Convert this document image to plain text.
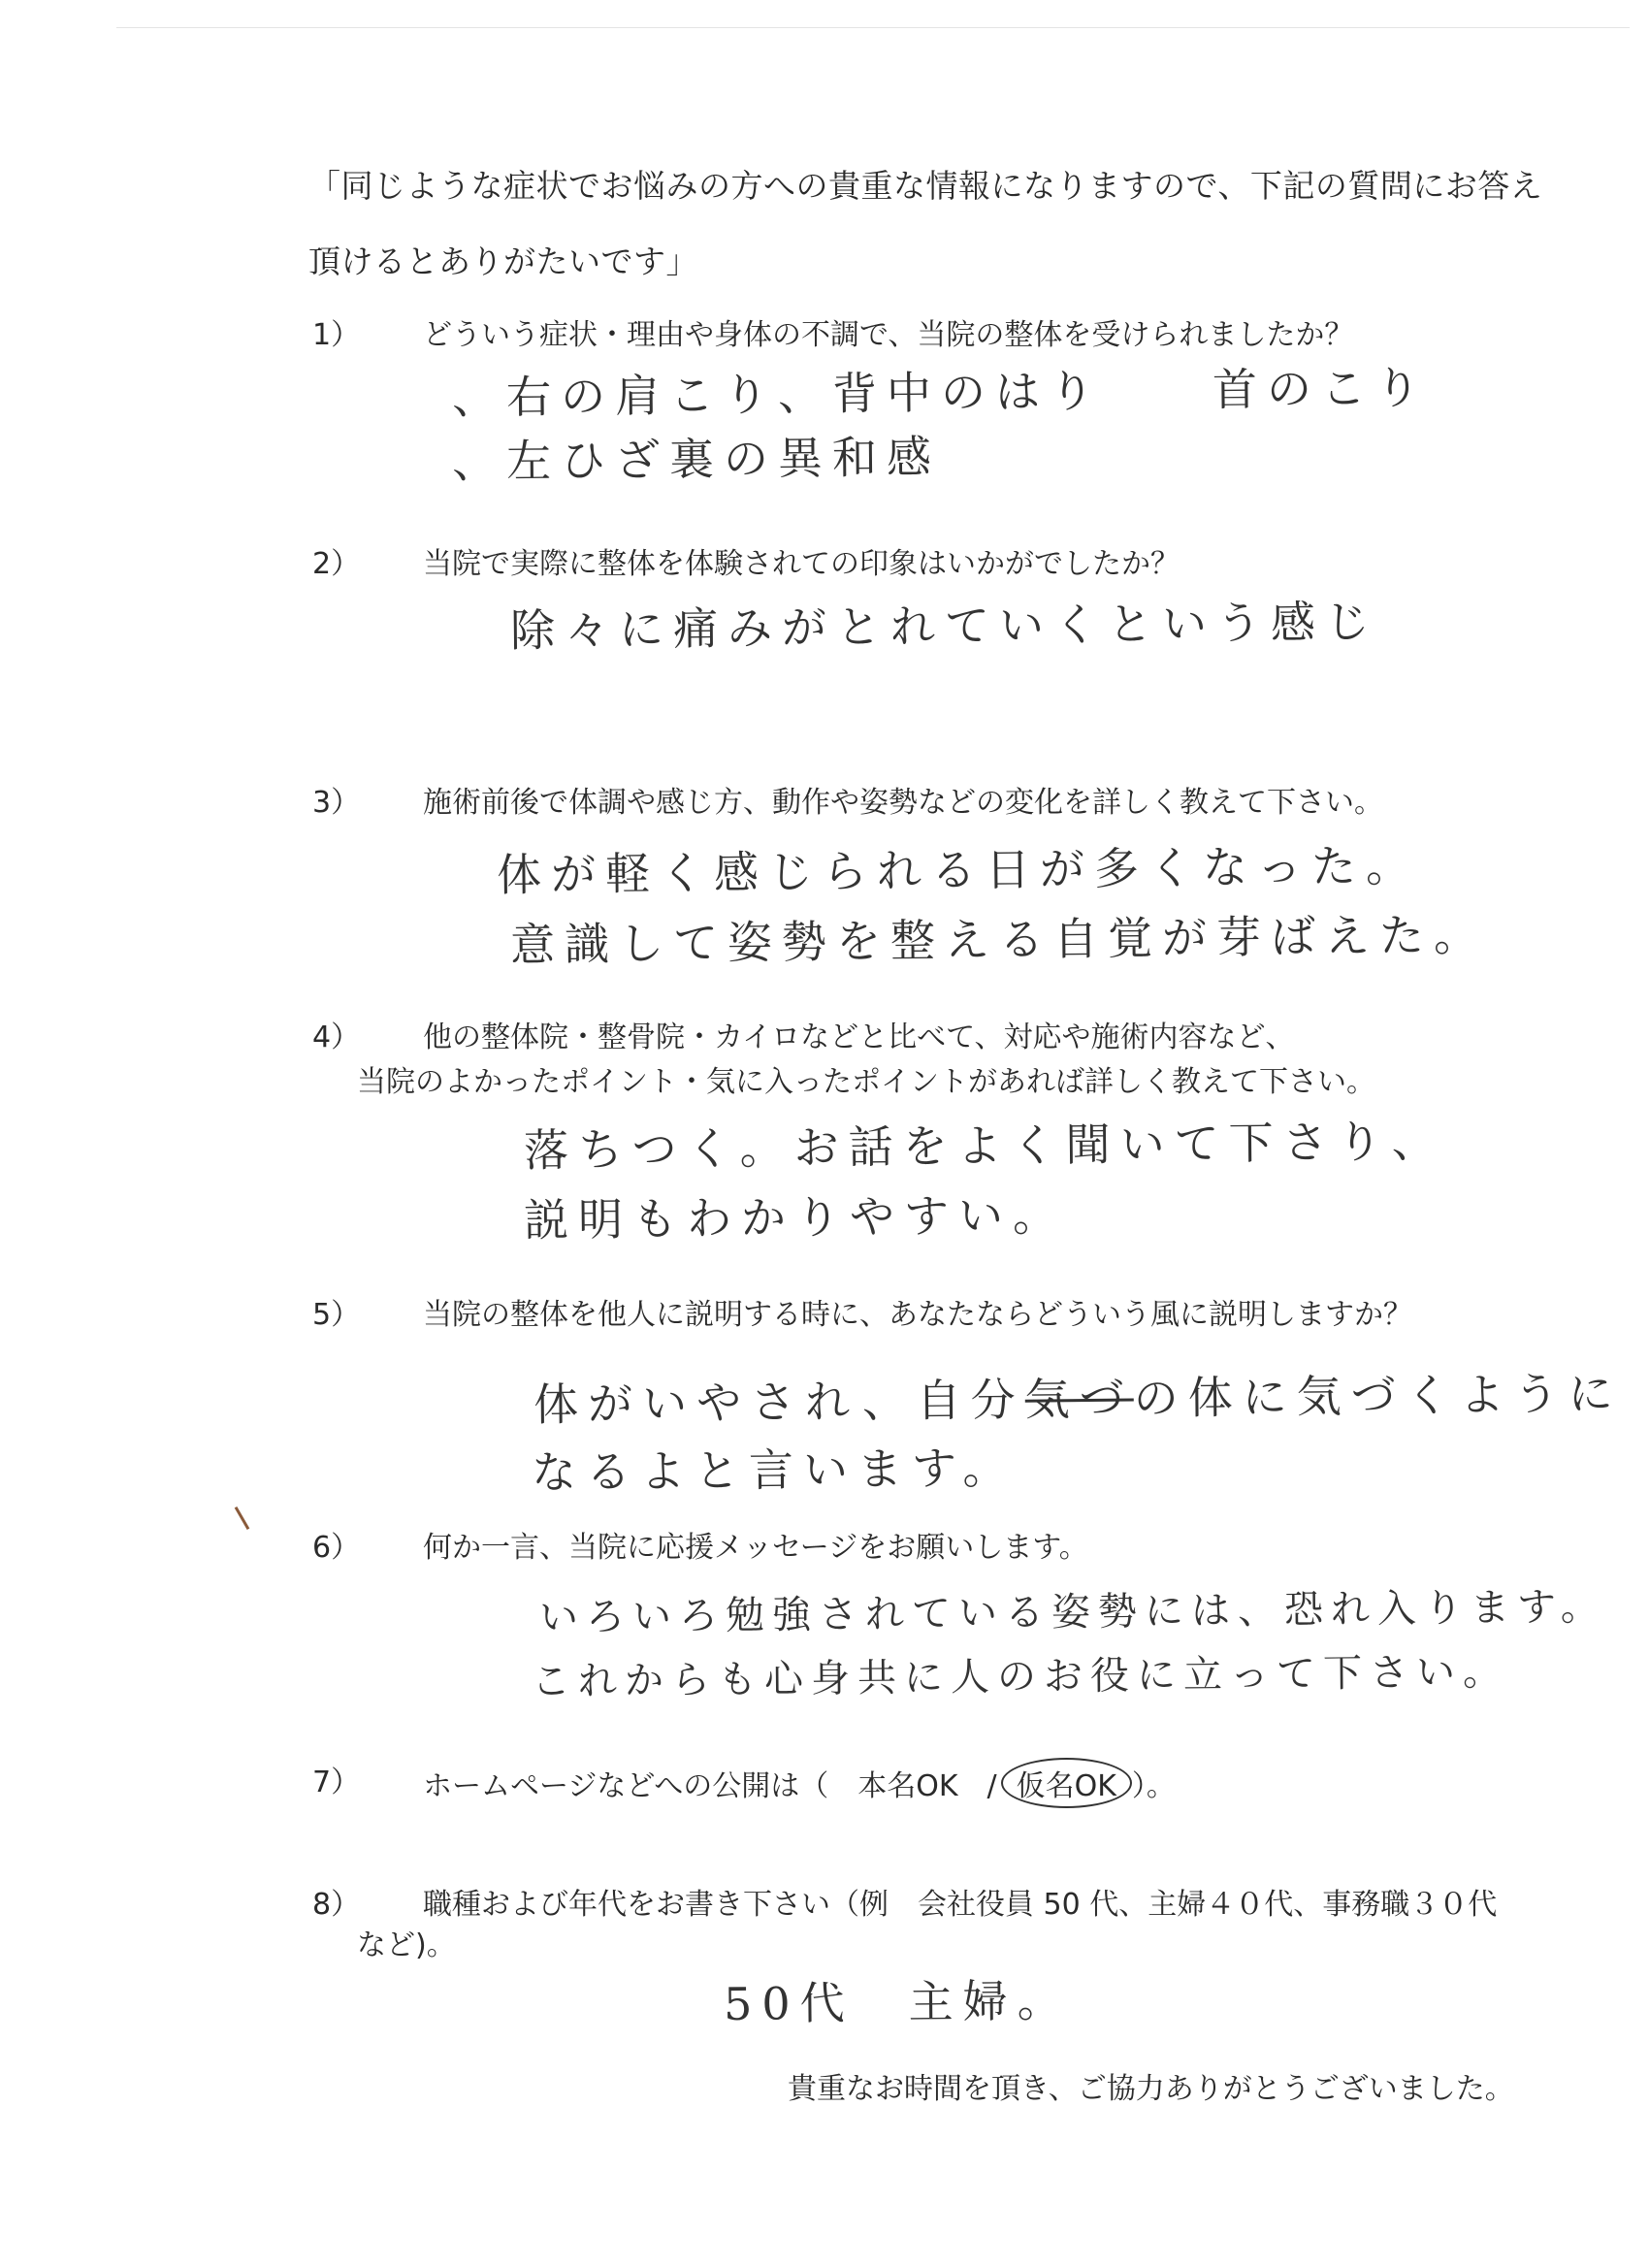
「同じような症状でお悩みの方への貴重な情報になりますので、下記の質問にお答え
頂けるとありがたいです」
1） どういう症状・理由や身体の不調で、当院の整体を受けられましたか？
、右の肩こり、背中のはり　　首のこり
、左ひざ裏の異和感
2） 当院で実際に整体を体験されての印象はいかがでしたか？
除々に痛みがとれていくという感じ
3） 施術前後で体調や感じ方、動作や姿勢などの変化を詳しく教えて下さい。
体が軽く感じられる日が多くなった。
意識して姿勢を整える自覚が芽ばえた。
4） 他の整体院・整骨院・カイロなどと比べて、対応や施術内容など、
当院のよかったポイント・気に入ったポイントがあれば詳しく教えて下さい。
落ちつく。お話をよく聞いて下さり、
説明もわかりやすい。
5） 当院の整体を他人に説明する時に、あなたならどういう風に説明しますか？
体がいやされ、自分気づの体に気づくように
なるよと言います。
6） 何か一言、当院に応援メッセージをお願いします。
いろいろ勉強されている姿勢には、恐れ入ります。
これからも心身共に人のお役に立って下さい。
7） ホームページなどへの公開は（　本名OK　/ 仮名OK ）。
8） 職種および年代をお書き下さい（例　会社役員 50 代、主婦４０代、事務職３０代
など)。
50代　主婦。
貴重なお時間を頂き、ご協力ありがとうございました。
